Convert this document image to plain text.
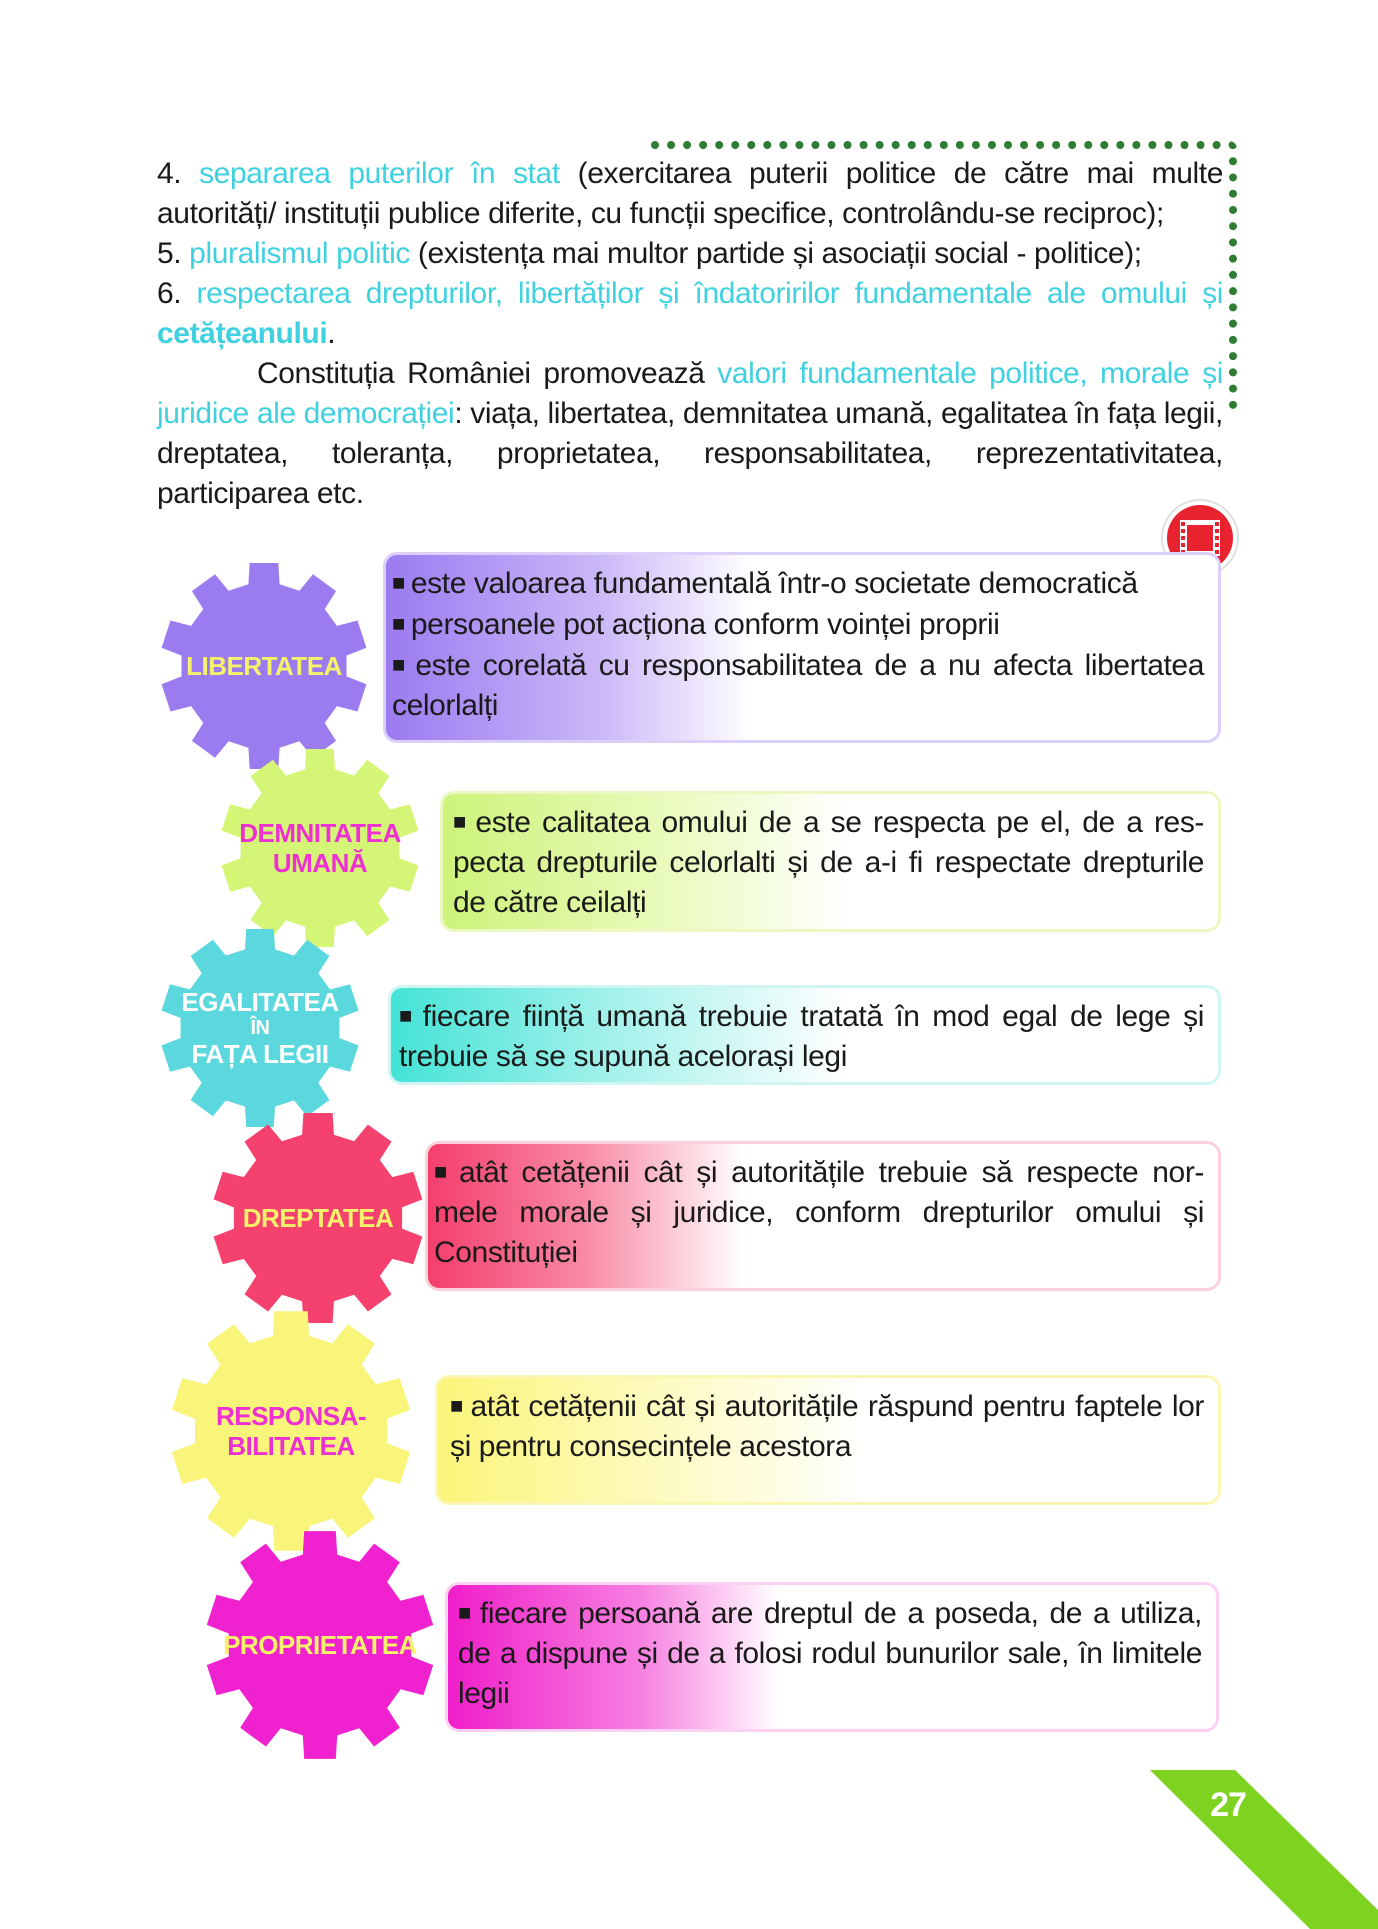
4. separarea puterilor în stat (exercitarea puterii politice de către mai multe autorități/ instituții publice diferite, cu funcții specifice, controlându-se reciproc);

5. pluralismul politic (existența mai multor partide și asociații social - politice);

6. respectarea drepturilor, libertăților și îndatoririlor fundamentale ale omului și cetățeanului.

Constituția României promovează valori fundamentale politice, morale și juridice ale democrației: viața, libertatea, demnitatea umană, egalitatea în fața legii, dreptatea, toleranța, proprietatea, responsabilitatea, reprezentativitatea, participarea etc.

LIBERTATEA
■ este valoarea fundamentală într-o societate democratică
■ persoanele pot acționa conform voinței proprii
■ este corelată cu responsabilitatea de a nu afecta libertatea celorlalți
DEMNITATEA
UMANĂ
■ este calitatea omului de a se respecta pe el, de a res-pecta drepturile celorlalti și de a-i fi respectate drepturile de către ceilalți
EGALITATEA
ÎN
FAȚA LEGII
■ fiecare ființă umană trebuie tratată în mod egal de lege și trebuie să se supună acelorași legi
DREPTATEA
■ atât cetățenii cât și autoritățile trebuie să respecte nor-mele morale și juridice, conform drepturilor omului și Constituției
RESPONSA-
BILITATEA
■ atât cetățenii cât și autoritățile răspund pentru faptele lor și pentru consecințele acestora
PROPRIETATEA
■ fiecare persoană are dreptul de a poseda, de a utiliza, de a dispune și de a folosi rodul bunurilor sale, în limitele legii
27
